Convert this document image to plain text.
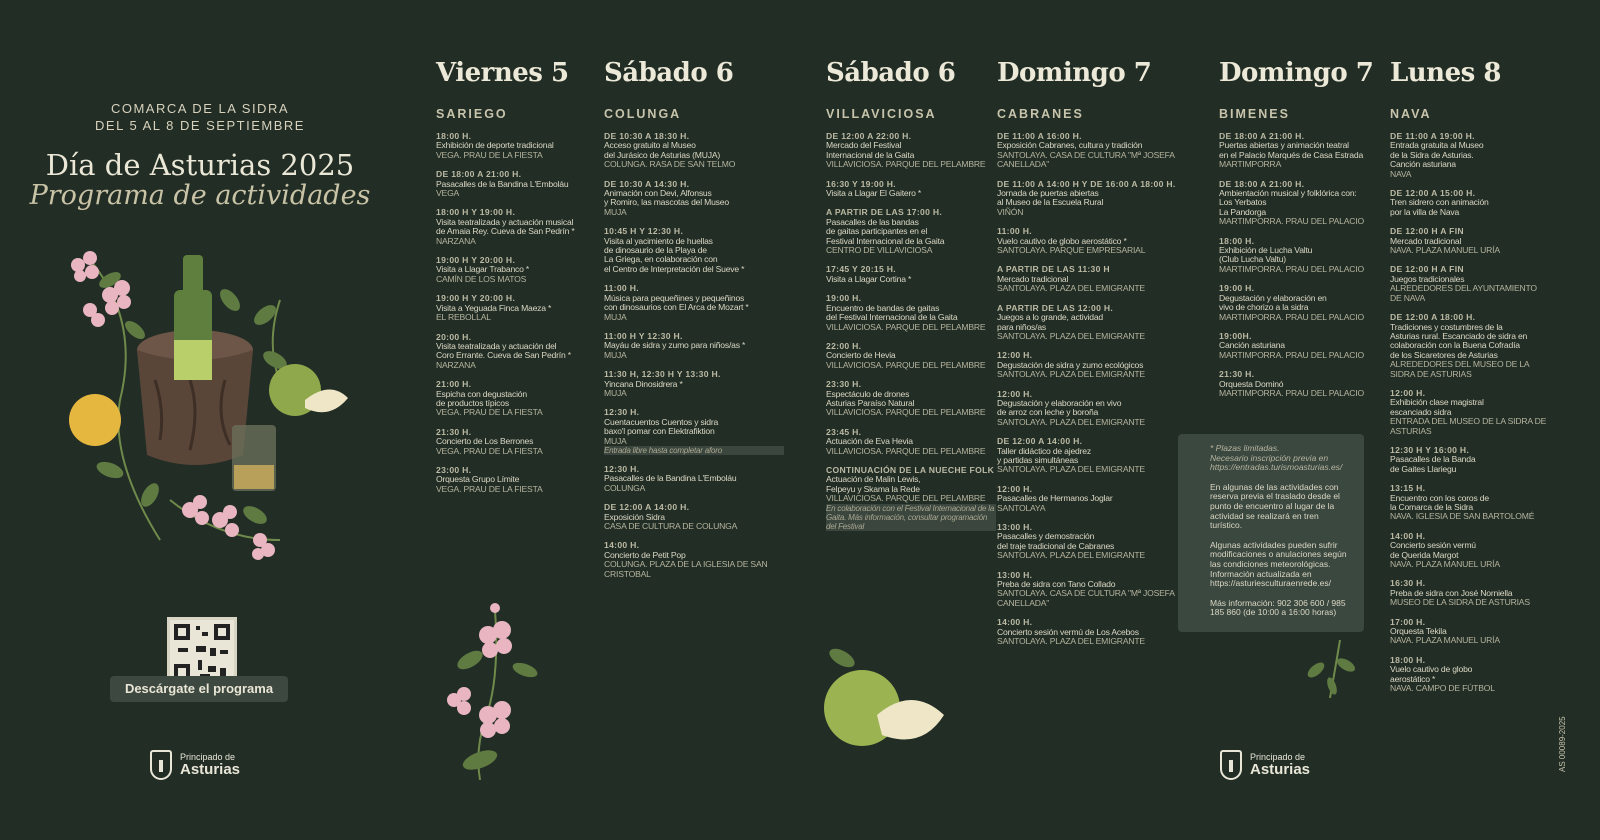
COMARCA DE LA SIDRA
DEL 5 AL 8 DE SEPTIEMBRE
Día de Asturias 2025
Programa de actividades
Descárgate el programa
Principado de
Asturias
Viernes 5
SARIEGO
18:00 H.
Exhibición de deporte tradicional
VEGA. PRAU DE LA FIESTA
DE 18:00 A 21:00 H.
Pasacalles de la Bandina L'Emboláu
VEGA
18:00 H Y 19:00 H.
Visita teatralizada y actuación musical
de Amaia Rey. Cueva de San Pedrín *
NARZANA
19:00 H Y 20:00 H.
Visita a Llagar Trabanco *
CAMÍN DE LOS MATOS
19:00 H Y 20:00 H.
Visita a Yeguada Finca Maeza *
EL REBOLLAL
20:00 H.
Visita teatralizada y actuación del
Coro Errante. Cueva de San Pedrín *
NARZANA
21:00 H.
Espicha con degustación
de productos típicos
VEGA. PRAU DE LA FIESTA
21:30 H.
Concierto de Los Berrones
VEGA. PRAU DE LA FIESTA
23:00 H.
Orquesta Grupo Límite
VEGA. PRAU DE LA FIESTA
Sábado 6
COLUNGA
DE 10:30 A 18:30 H.
Acceso gratuito al Museo
del Jurásico de Asturias (MUJA)
COLUNGA. RASA DE SAN TELMO
DE 10:30 A 14:30 H.
Animación con Devi, Alfonsus
y Romiro, las mascotas del Museo
MUJA
10:45 H Y 12:30 H.
Visita al yacimiento de huellas
de dinosaurio de la Playa de
La Griega, en colaboración con
el Centro de Interpretación del Sueve *
11:00 H.
Música para pequeñines y pequeñinos
con dinosaurios con El Arca de Mozart *
MUJA
11:00 H Y 12:30 H.
Mayáu de sidra y zumo para niños/as *
MUJA
11:30 H, 12:30 H Y 13:30 H.
Yincana Dinosidrera *
MUJA
12:30 H.
Cuentacuentos Cuentos y sidra
baxo'l pomar con Elektrafiktion
MUJA
Entrada libre hasta completar aforo
12:30 H.
Pasacalles de la Bandina L'Emboláu
COLUNGA
DE 12:00 A 14:00 H.
Exposición Sidra
CASA DE CULTURA DE COLUNGA
14:00 H.
Concierto de Petit Pop
COLUNGA. PLAZA DE LA IGLESIA DE SAN CRISTOBAL
Sábado 6
VILLAVICIOSA
DE 12:00 A 22:00 H.
Mercado del Festival
Internacional de la Gaita
VILLAVICIOSA. PARQUE DEL PELAMBRE
16:30 Y 19:00 H.
Visita a Llagar El Gaitero *
A PARTIR DE LAS 17:00 H.
Pasacalles de las bandas
de gaitas participantes en el
Festival Internacional de la Gaita
CENTRO DE VILLAVICIOSA
17:45 Y 20:15 H.
Visita a Llagar Cortina *
19:00 H.
Encuentro de bandas de gaitas
del Festival Internacional de la Gaita
VILLAVICIOSA. PARQUE DEL PELAMBRE
22:00 H.
Concierto de Hevia
VILLAVICIOSA. PARQUE DEL PELAMBRE
23:30 H.
Espectáculo de drones
Asturias Paraíso Natural
VILLAVICIOSA. PARQUE DEL PELAMBRE
23:45 H.
Actuación de Eva Hevia
VILLAVICIOSA. PARQUE DEL PELAMBRE
CONTINUACIÓN DE LA NUECHE FOLK
Actuación de Malin Lewis,
Felpeyu y Skama la Rede
VILLAVICIOSA. PARQUE DEL PELAMBRE
En colaboración con el Festival Internacional de la Gaita. Más información, consultar programación del Festival
Domingo 7
CABRANES
DE 11:00 A 16:00 H.
Exposición Cabranes, cultura y tradición
SANTOLAYA. CASA DE CULTURA "Mª JOSEFA CANELLADA"
DE 11:00 A 14:00 H Y DE 16:00 A 18:00 H.
Jornada de puertas abiertas
al Museo de la Escuela Rural
VIÑÓN
11:00 H.
Vuelo cautivo de globo aerostático *
SANTOLAYA. PARQUE EMPRESARIAL
A PARTIR DE LAS 11:30 H
Mercado tradicional
SANTOLAYA. PLAZA DEL EMIGRANTE
A PARTIR DE LAS 12:00 H.
Juegos a lo grande, actividad
para niños/as
SANTOLAYA. PLAZA DEL EMIGRANTE
12:00 H.
Degustación de sidra y zumo ecológicos
SANTOLAYA. PLAZA DEL EMIGRANTE
12:00 H.
Degustación y elaboración en vivo
de arroz con leche y boroña
SANTOLAYA. PLAZA DEL EMIGRANTE
DE 12:00 A 14:00 H.
Taller didáctico de ajedrez
y partidas simultáneas
SANTOLAYA. PLAZA DEL EMIGRANTE
12:00 H.
Pasacalles de Hermanos Joglar
SANTOLAYA
13:00 H.
Pasacalles y demostración
del traje tradicional de Cabranes
SANTOLAYA. PLAZA DEL EMIGRANTE
13:00 H.
Preba de sidra con Tano Collado
SANTOLAYA. CASA DE CULTURA "Mª JOSEFA CANELLADA"
14:00 H.
Concierto sesión vermú de Los Acebos
SANTOLAYA. PLAZA DEL EMIGRANTE
Domingo 7
BIMENES
DE 18:00 A 21:00 H.
Puertas abiertas y animación teatral
en el Palacio Marqués de Casa Estrada
MARTIMPORRA
DE 18:00 A 21:00 H.
Ambientación musical y folklórica con:
Los Yerbatos
La Pandorga
MARTIMPORRA. PRAU DEL PALACIO
18:00 H.
Exhibición de Lucha Valtu
(Club Lucha Valtu)
MARTIMPORRA. PRAU DEL PALACIO
19:00 H.
Degustación y elaboración en
vivo de chorizo a la sidra
MARTIMPORRA. PRAU DEL PALACIO
19:00H.
Canción asturiana
MARTIMPORRA. PRAU DEL PALACIO
21:30 H.
Orquesta Dominó
MARTIMPORRA. PRAU DEL PALACIO
Lunes 8
NAVA
DE 11:00 A 19:00 H.
Entrada gratuita al Museo
de la Sidra de Asturias.
Canción asturiana
NAVA
DE 12:00 A 15:00 H.
Tren sidrero con animación
por la villa de Nava
DE 12:00 H A FIN
Mercado tradicional
NAVA. PLAZA MANUEL URÍA
DE 12:00 H A FIN
Juegos tradicionales
ALREDEDORES DEL AYUNTAMIENTO DE NAVA
DE 12:00 A 18:00 H.
Tradiciones y costumbres de la
Asturias rural. Escanciado de sidra en
colaboración con la Buena Cofradía
de los Sicaretores de Asturias
ALREDEDORES DEL MUSEO DE LA SIDRA DE ASTURIAS
12:00 H.
Exhibición clase magistral
escanciado sidra
ENTRADA DEL MUSEO DE LA SIDRA DE ASTURIAS
12:30 H Y 16:00 H.
Pasacalles de la Banda
de Gaites Llariegu
13:15 H.
Encuentro con los coros de
la Comarca de la Sidra
NAVA. IGLESIA DE SAN BARTOLOMÉ
14:00 H.
Concierto sesión vermú
de Querida Margot
NAVA. PLAZA MANUEL URÍA
16:30 H.
Preba de sidra con José Norniella
MUSEO DE LA SIDRA DE ASTURIAS
17:00 H.
Orquesta Tekila
NAVA. PLAZA MANUEL URÍA
18:00 H.
Vuelo cautivo de globo
aerostático *
NAVA. CAMPO DE FÚTBOL

* Plazas limitadas.
Necesario inscripción previa en https://entradas.turismoasturias.es/

En algunas de las actividades con reserva previa el traslado desde el punto de encuentro al lugar de la actividad se realizará en tren turístico.

Algunas actividades pueden sufrir modificaciones o anulaciones según las condiciones meteorológicas. Información actualizada en https://asturiesculturaenrede.es/

Más información: 902 306 600 / 985 185 860 (de 10:00 a 16:00 horas)

Principado de
Asturias	AS 00089-2025
